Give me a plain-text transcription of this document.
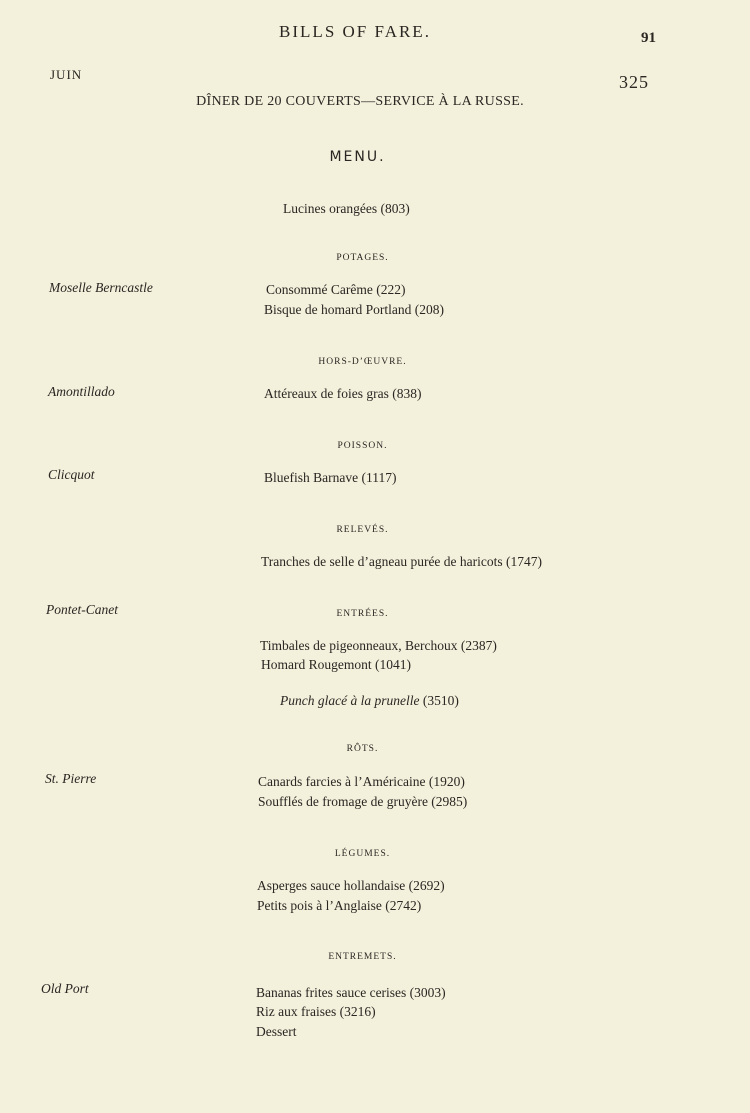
BILLS OF FARE.	91
JUIN	325
DÎNER DE 20 COUVERTS—SERVICE À LA RUSSE.
MENU.
Lucines orangées (803)
POTAGES.
Moselle Berncastle	Consommé Carême (222)
Bisque de homard Portland (208)
HORS-D’ŒUVRE.
Amontillado	Attéreaux de foies gras (838)
POISSON.
Clicquot	Bluefish Barnave (1117)
RELEVÉS.
Tranches de selle d’agneau purée de haricots (1747)
ENTRÉES.
Pontet-Canet
Timbales de pigeonneaux, Berchoux (2387)
Homard Rougemont (1041)
Punch glacé à la prunelle (3510)
RÔTS.
St. Pierre	Canards farcies à l’Américaine (1920)
Soufflés de fromage de gruyère (2985)
LÉGUMES.
Asperges sauce hollandaise (2692)
Petits pois à l’Anglaise (2742)
ENTREMETS.
Old Port	Bananas frites sauce cerises (3003)
Riz aux fraises (3216)
Dessert
